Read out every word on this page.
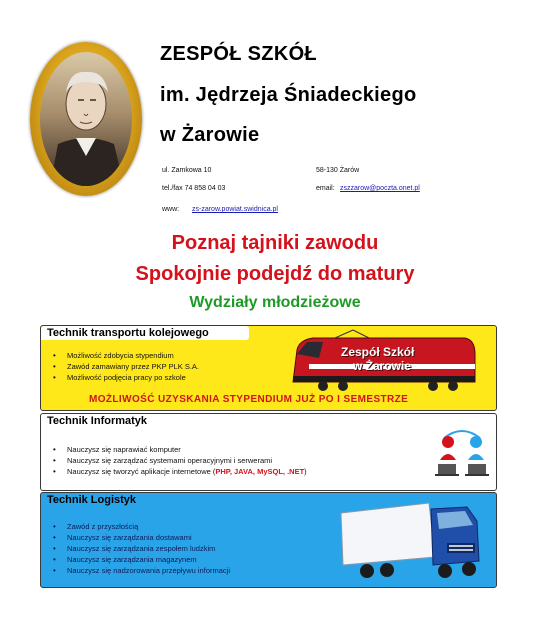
ZESPÓŁ SZKÓŁ
im. Jędrzeja Śniadeckiego
w Żarowie
ul. Zamkowa 10	58-130 Żarów
tel./fax 74 858 04 03	email: zszzarow@poczta.onet.pl
www: zs-zarow.powiat.swidnica.pl
Poznaj tajniki zawodu
Spokojnie podejdź do matury
Wydziały młodzieżowe
Technik transportu kolejowego
• Możliwość zdobycia stypendium
• Zawód zamawiany przez PKP PLK S.A.
• Możliwość podjęcia pracy po szkole
Zespół Szkół
w Żarowie
MOŻLIWOŚĆ UZYSKANIA STYPENDIUM JUŻ PO I SEMESTRZE
Technik Informatyk
• Nauczysz się naprawiać komputer
• Nauczysz się zarządzać systemami operacyjnymi i serwerami
• Nauczysz się tworzyć aplikacje internetowe (PHP, JAVA, MySQL, .NET)
Technik Logistyk
• Zawód z przyszłością
• Nauczysz się zarządzania dostawami
• Nauczysz się zarządzania zespołem ludzkim
• Nauczysz się zarządzania magazynem
• Nauczysz się nadzorowania przepływu informacji
